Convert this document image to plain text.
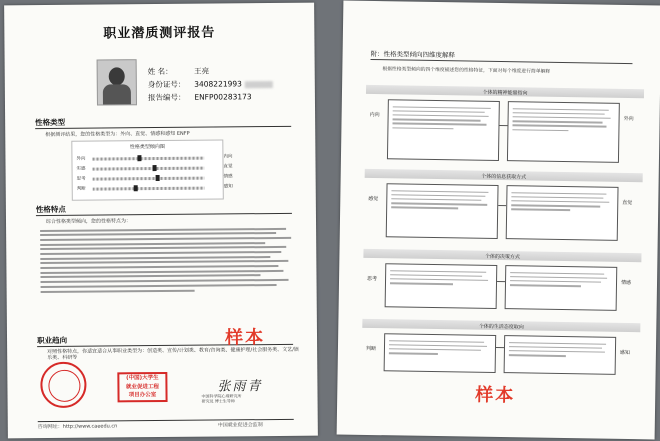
职业潜质测评报告
姓 名：	王亮
身份证号： 3408221993
报告编号： ENFP00283173
性格类型
根据测评结果，您的性格类型为：外向、直觉、情感和感知 ENFP
性格类型倾向图
外向
实感
思考
判断
内向
直觉
情感
感知
性格特点
综合性格类型倾向，您的性格特点为：
职业趋向
对照性格特点，你适宜适合从事职业类型为：创造类、宣传/计划类、教育/咨询类、健康护理/社会服务类、文艺/娱乐类、科研等
(中国)大学生
就业促进工程
项目办公室
张雨青
中国科学院心理研究所
研究员 博士生导师
样本
咨询网址：http://www.caeedu.cn	中国就业促进会监制
附：性格类型倾向四维度解释
根据性格类型倾向的四个维度描述您的性格特征，下面对每个维度进行简单解释
个体的精神能量指向
内向
外向
个体的信息获取方式
感觉
直觉
个体的决策方式
思考
情感
个体的生活态度取向
判断
感知
样本
